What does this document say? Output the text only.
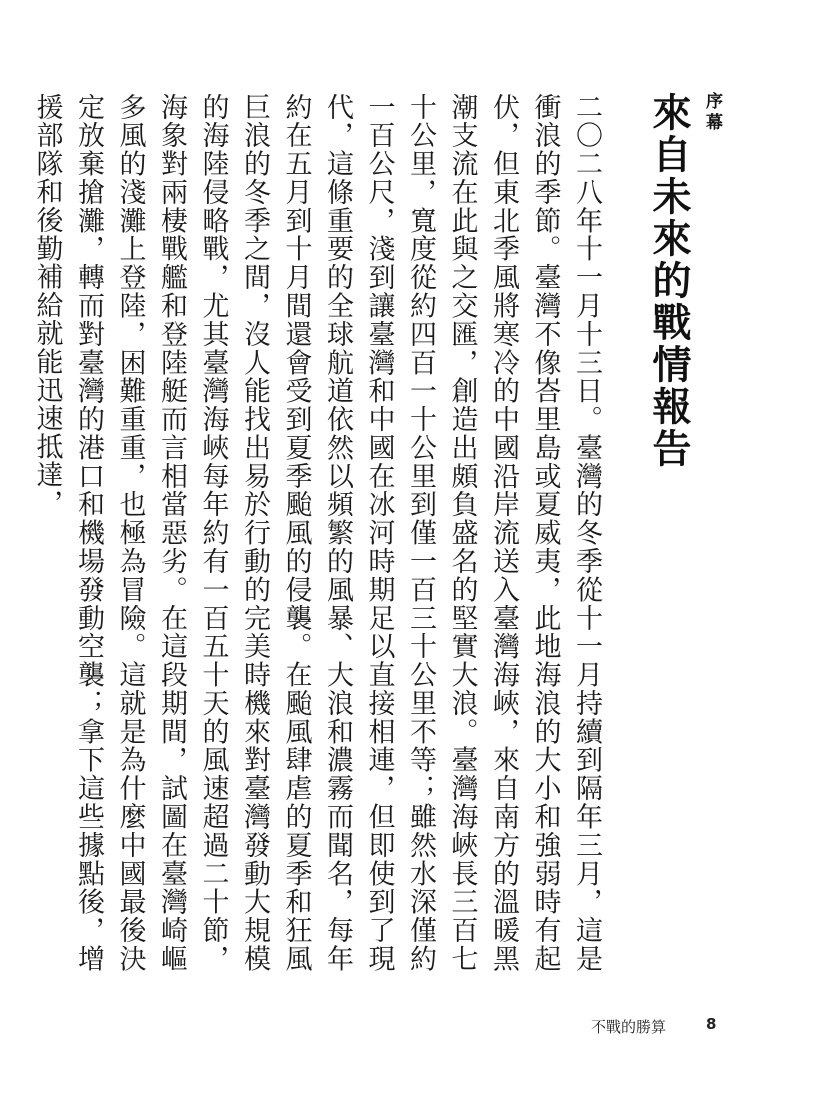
序幕
來自未來的戰情報告

二〇二八年十一月十三日。臺灣的冬季從十一月持續到隔年三月，這是衝浪的季節。臺灣不像峇里島或夏威夷，此地海浪的大小和強弱時有起伏，但東北季風將寒冷的中國沿岸流送入臺灣海峽，來自南方的溫暖黑潮支流在此與之交匯，創造出頗負盛名的堅實大浪。臺灣海峽長三百七十公里，寬度從約四百一十公里到僅一百三十公里不等；雖然水深僅約一百公尺，淺到讓臺灣和中國在冰河時期足以直接相連，但即使到了現代，這條重要的全球航道依然以頻繁的風暴、大浪和濃霧而聞名，每年約在五月到十月間還會受到夏季颱風的侵襲。在颱風肆虐的夏季和狂風巨浪的冬季之間，沒人能找出易於行動的完美時機來對臺灣發動大規模的海陸侵略戰，尤其臺灣海峽每年約有一百五十天的風速超過二十節，海象對兩棲戰艦和登陸艇而言相當惡劣。在這段期間，試圖在臺灣崎嶇多風的淺灘上登陸，困難重重，也極為冒險。這就是為什麼中國最後決定放棄搶灘，轉而對臺灣的港口和機場發動空襲；拿下這些據點後，增援部隊和後勤補給就能迅速抵達，

不戰的勝算	8
